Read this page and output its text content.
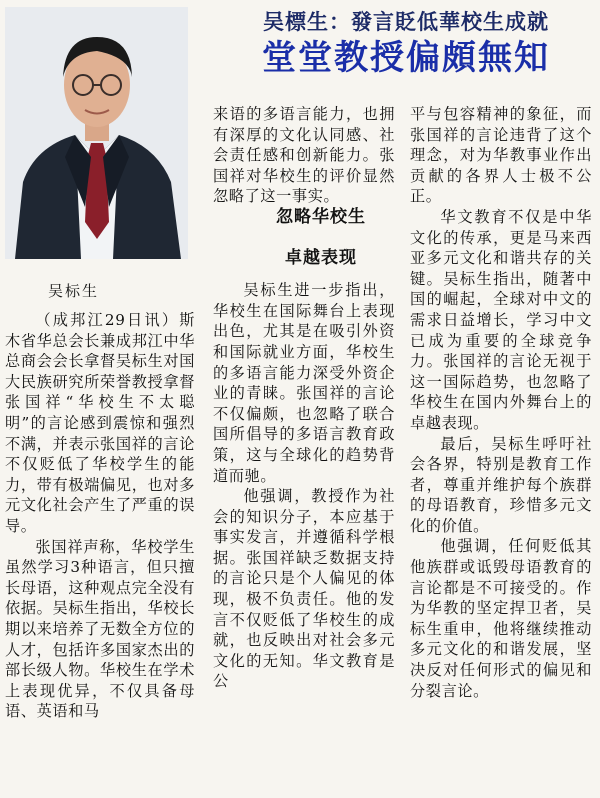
吴標生：發言貶低華校生成就
堂堂教授偏頗無知
吴标生

（成邦江29日讯）斯木省华总会长兼成邦江中华总商会会长拿督吴标生对国大民族研究所荣誉教授拿督张国祥“华校生不太聪明”的言论感到震惊和强烈不满，并表示张国祥的言论不仅贬低了华校学生的能力，带有极端偏见，也对多元文化社会产生了严重的误导。

张国祥声称，华校学生虽然学习3种语言，但只擅长母语，这种观点完全没有依据。吴标生指出，华校长期以来培养了无数全方位的人才，包括许多国家杰出的部长级人物。华校生在学术上表现优异，不仅具备母语、英语和马

来语的多语言能力，也拥有深厚的文化认同感、社会责任感和创新能力。张国祥对华校生的评价显然忽略了这一事实。

忽略华校生

卓越表现

吴标生进一步指出，华校生在国际舞台上表现出色，尤其是在吸引外资和国际就业方面，华校生的多语言能力深受外资企业的青睐。张国祥的言论不仅偏颇，也忽略了联合国所倡导的多语言教育政策，这与全球化的趋势背道而驰。

他强调，教授作为社会的知识分子，本应基于事实发言，并遵循科学根据。张国祥缺乏数据支持的言论只是个人偏见的体现，极不负责任。他的发言不仅贬低了华校生的成就，也反映出对社会多元文化的无知。华文教育是公

平与包容精神的象征，而张国祥的言论违背了这个理念，对为华教事业作出贡献的各界人士极不公正。

华文教育不仅是中华文化的传承，更是马来西亚多元文化和谐共存的关键。吴标生指出，随著中国的崛起，全球对中文的需求日益增长，学习中文已成为重要的全球竞争力。张国祥的言论无视于这一国际趋势，也忽略了华校生在国内外舞台上的卓越表现。

最后，吴标生呼吁社会各界，特别是教育工作者，尊重并维护每个族群的母语教育，珍惜多元文化的价值。

他强调，任何贬低其他族群或诋毁母语教育的言论都是不可接受的。作为华教的坚定捍卫者，吴标生重申，他将继续推动多元文化的和谐发展，坚决反对任何形式的偏见和分裂言论。
